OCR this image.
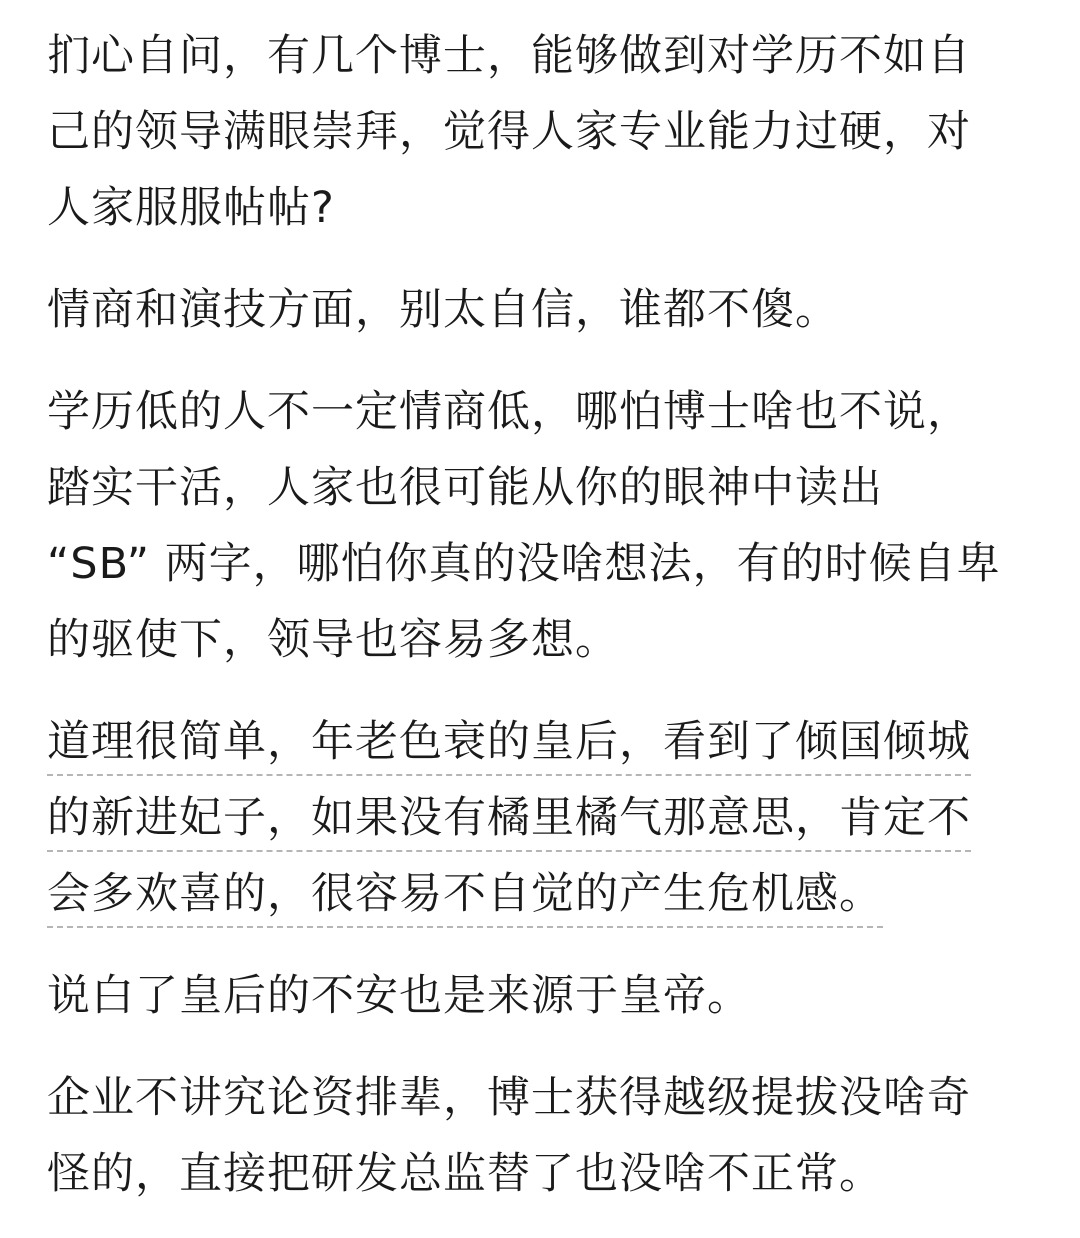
扪心自问，有几个博士，能够做到对学历不如自
己的领导满眼崇拜，觉得人家专业能力过硬，对
人家服服帖帖?
情商和演技方面，别太自信，谁都不傻。
学历低的人不一定情商低，哪怕博士啥也不说，
踏实干活，人家也很可能从你的眼神中读出
“SB” 两字，哪怕你真的没啥想法，有的时候自卑
的驱使下，领导也容易多想。
道理很简单，年老色衰的皇后，看到了倾国倾城
的新进妃子，如果没有橘里橘气那意思，肯定不
会多欢喜的，很容易不自觉的产生危机感。
说白了皇后的不安也是来源于皇帝。
企业不讲究论资排辈，博士获得越级提拔没啥奇
怪的，直接把研发总监替了也没啥不正常。
